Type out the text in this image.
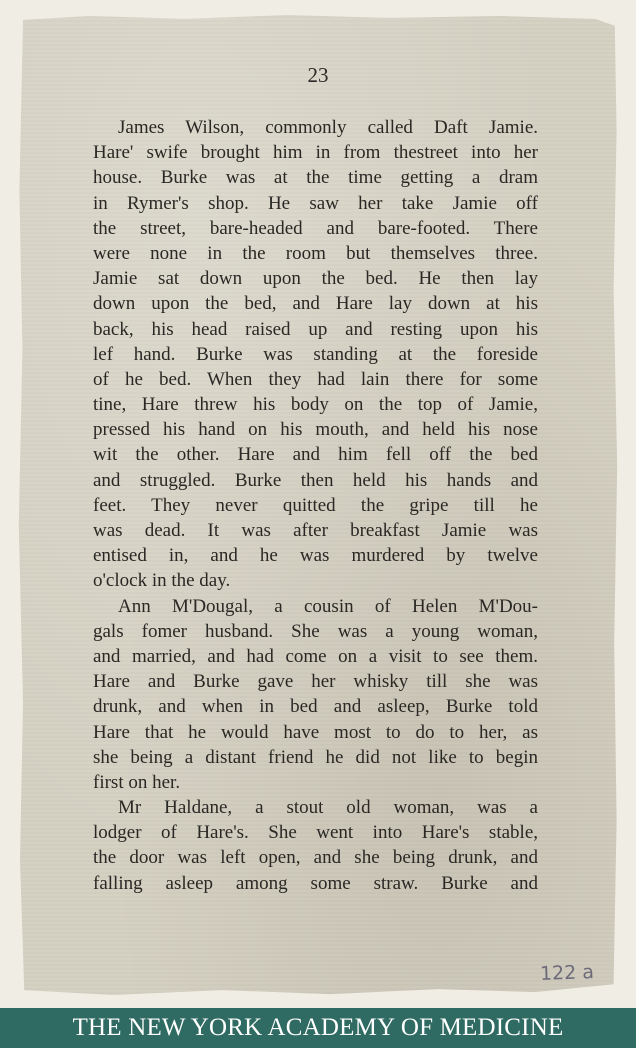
23

James Wilson, commonly called Daft Jamie.
Hare' swife brought him in from thestreet into her
house. Burke was at the time getting a dram
in Rymer's shop. He saw her take Jamie off
the street, bare-headed and bare-footed. There
were none in the room but themselves three.
Jamie sat down upon the bed. He then lay
down upon the bed, and Hare lay down at his
back, his head raised up and resting upon his
lef hand. Burke was standing at the foreside
of he bed. When they had lain there for some
tine, Hare threw his body on the top of Jamie,
pressed his hand on his mouth, and held his nose
wit the other. Hare and him fell off the bed
and struggled. Burke then held his hands and
feet. They never quitted the gripe till he
was dead. It was after breakfast Jamie was
entised in, and he was murdered by twelve
o'clock in the day.
Ann M'Dougal, a cousin of Helen M'Dou-
gals fomer husband. She was a young woman,
and married, and had come on a visit to see them.
Hare and Burke gave her whisky till she was
drunk, and when in bed and asleep, Burke told
Hare that he would have most to do to her, as
she being a distant friend he did not like to begin
first on her.
Mr Haldane, a stout old woman, was a
lodger of Hare's. She went into Hare's stable,
the door was left open, and she being drunk, and
falling asleep among some straw. Burke and
122 a
THE NEW YORK ACADEMY OF MEDICINE
